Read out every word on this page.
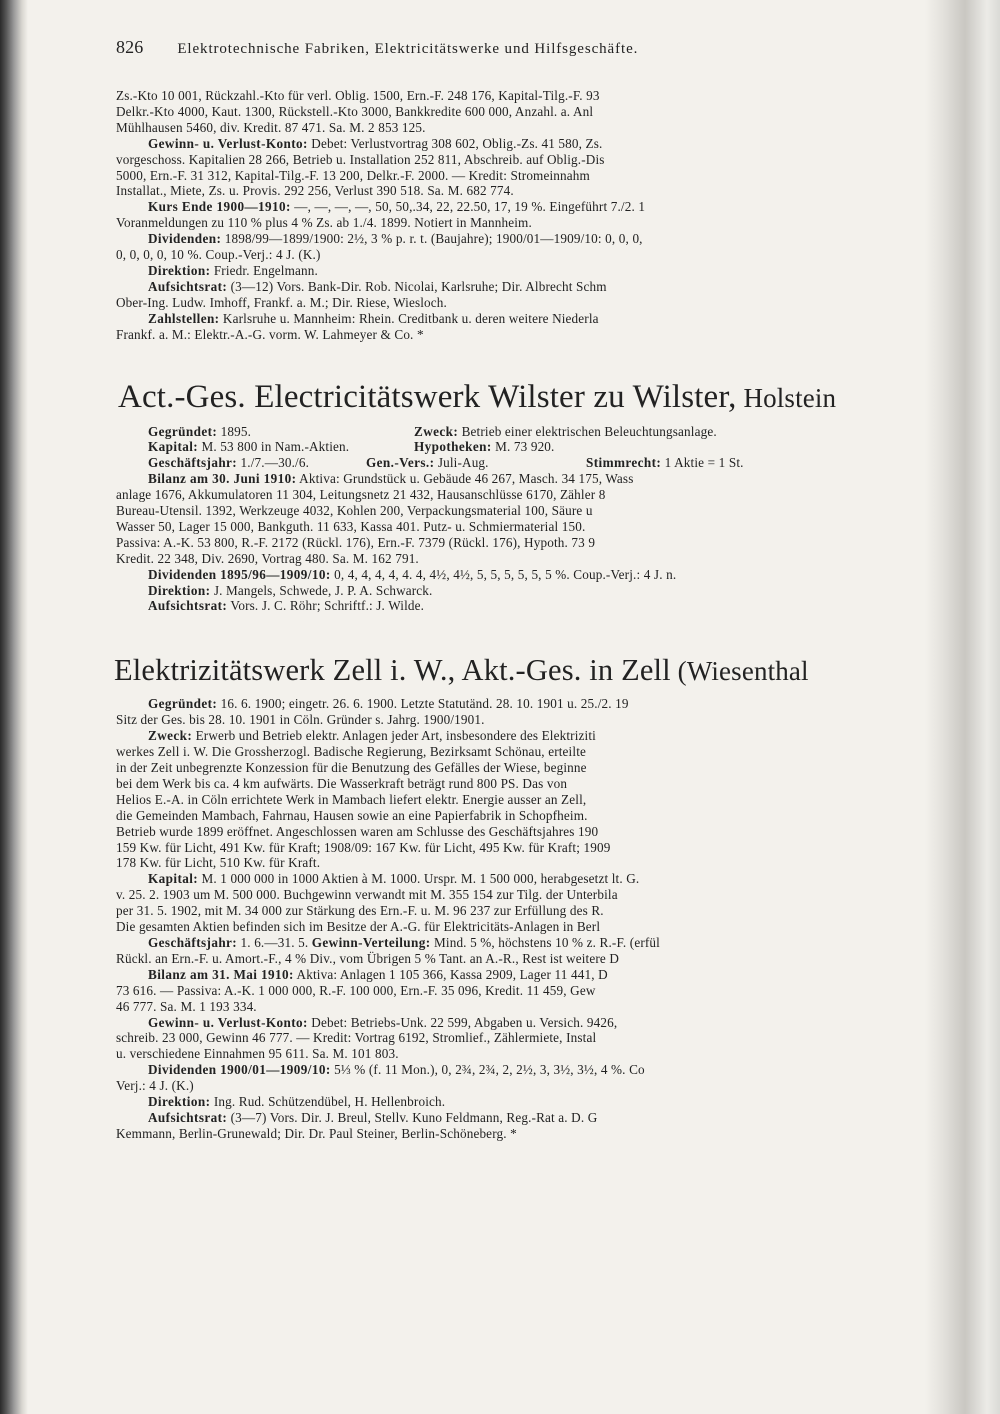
826 Elektrotechnische Fabriken, Elektricitätswerke und Hilfsgeschäfte.

Zs.-Kto 10 001, Rückzahl.-Kto für verl. Oblig. 1500, Ern.-F. 248 176, Kapital-Tilg.-F. 93

Delkr.-Kto 4000, Kaut. 1300, Rückstell.-Kto 3000, Bankkredite 600 000, Anzahl. a. Anl

Mühlhausen 5460, div. Kredit. 87 471. Sa. M. 2 853 125.

Gewinn- u. Verlust-Konto: Debet: Verlustvortrag 308 602, Oblig.-Zs. 41 580, Zs.

vorgeschoss. Kapitalien 28 266, Betrieb u. Installation 252 811, Abschreib. auf Oblig.-Dis

5000, Ern.-F. 31 312, Kapital-Tilg.-F. 13 200, Delkr.-F. 2000. — Kredit: Stromeinnahm

Installat., Miete, Zs. u. Provis. 292 256, Verlust 390 518. Sa. M. 682 774.

Kurs Ende 1900—1910: —, —, —, —, 50, 50,.34, 22, 22.50, 17, 19 %. Eingeführt 7./2. 1

Voranmeldungen zu 110 % plus 4 % Zs. ab 1./4. 1899. Notiert in Mannheim.

Dividenden: 1898/99—1899/1900: 2½, 3 % p. r. t. (Baujahre); 1900/01—1909/10: 0, 0, 0,

0, 0, 0, 0, 10 %. Coup.-Verj.: 4 J. (K.)

Direktion: Friedr. Engelmann.

Aufsichtsrat: (3—12) Vors. Bank-Dir. Rob. Nicolai, Karlsruhe; Dir. Albrecht Schm

Ober-Ing. Ludw. Imhoff, Frankf. a. M.; Dir. Riese, Wiesloch.

Zahlstellen: Karlsruhe u. Mannheim: Rhein. Creditbank u. deren weitere Niederla

Frankf. a. M.: Elektr.-A.-G. vorm. W. Lahmeyer & Co. *

Act.-Ges. Electricitätswerk Wilster zu Wilster, Holstein

Gegründet: 1895.	Zweck: Betrieb einer elektrischen Beleuchtungsanlage.

Kapital: M. 53 800 in Nam.-Aktien.	Hypotheken: M. 73 920.

Geschäftsjahr: 1./7.—30./6.	Gen.-Vers.: Juli-Aug.	Stimmrecht: 1 Aktie = 1 St.

Bilanz am 30. Juni 1910: Aktiva: Grundstück u. Gebäude 46 267, Masch. 34 175, Wass

anlage 1676, Akkumulatoren 11 304, Leitungsnetz 21 432, Hausanschlüsse 6170, Zähler 8

Bureau-Utensil. 1392, Werkzeuge 4032, Kohlen 200, Verpackungsmaterial 100, Säure u

Wasser 50, Lager 15 000, Bankguth. 11 633, Kassa 401. Putz- u. Schmiermaterial 150.

Passiva: A.-K. 53 800, R.-F. 2172 (Rückl. 176), Ern.-F. 7379 (Rückl. 176), Hypoth. 73 9

Kredit. 22 348, Div. 2690, Vortrag 480. Sa. M. 162 791.

Dividenden 1895/96—1909/10: 0, 4, 4, 4, 4, 4. 4, 4½, 4½, 5, 5, 5, 5, 5, 5 %. Coup.-Verj.: 4 J. n.

Direktion: J. Mangels, Schwede, J. P. A. Schwarck.

Aufsichtsrat: Vors. J. C. Röhr; Schriftf.: J. Wilde.

Elektrizitätswerk Zell i. W., Akt.-Ges. in Zell (Wiesenthal

Gegründet: 16. 6. 1900; eingetr. 26. 6. 1900. Letzte Statutänd. 28. 10. 1901 u. 25./2. 19

Sitz der Ges. bis 28. 10. 1901 in Cöln. Gründer s. Jahrg. 1900/1901.

Zweck: Erwerb und Betrieb elektr. Anlagen jeder Art, insbesondere des Elektriziti

werkes Zell i. W. Die Grossherzogl. Badische Regierung, Bezirksamt Schönau, erteilte

in der Zeit unbegrenzte Konzession für die Benutzung des Gefälles der Wiese, beginne

bei dem Werk bis ca. 4 km aufwärts. Die Wasserkraft beträgt rund 800 PS. Das von

Helios E.-A. in Cöln errichtete Werk in Mambach liefert elektr. Energie ausser an Zell,

die Gemeinden Mambach, Fahrnau, Hausen sowie an eine Papierfabrik in Schopfheim.

Betrieb wurde 1899 eröffnet. Angeschlossen waren am Schlusse des Geschäftsjahres 190

159 Kw. für Licht, 491 Kw. für Kraft; 1908/09: 167 Kw. für Licht, 495 Kw. für Kraft; 1909

178 Kw. für Licht, 510 Kw. für Kraft.

Kapital: M. 1 000 000 in 1000 Aktien à M. 1000. Urspr. M. 1 500 000, herabgesetzt lt. G.

v. 25. 2. 1903 um M. 500 000. Buchgewinn verwandt mit M. 355 154 zur Tilg. der Unterbila

per 31. 5. 1902, mit M. 34 000 zur Stärkung des Ern.-F. u. M. 96 237 zur Erfüllung des R.

Die gesamten Aktien befinden sich im Besitze der A.-G. für Elektricitäts-Anlagen in Berl

Geschäftsjahr: 1. 6.—31. 5. Gewinn-Verteilung: Mind. 5 %, höchstens 10 % z. R.-F. (erfül

Rückl. an Ern.-F. u. Amort.-F., 4 % Div., vom Übrigen 5 % Tant. an A.-R., Rest ist weitere D

Bilanz am 31. Mai 1910: Aktiva: Anlagen 1 105 366, Kassa 2909, Lager 11 441, D

73 616. — Passiva: A.-K. 1 000 000, R.-F. 100 000, Ern.-F. 35 096, Kredit. 11 459, Gew

46 777. Sa. M. 1 193 334.

Gewinn- u. Verlust-Konto: Debet: Betriebs-Unk. 22 599, Abgaben u. Versich. 9426,

schreib. 23 000, Gewinn 46 777. — Kredit: Vortrag 6192, Stromlief., Zählermiete, Instal

u. verschiedene Einnahmen 95 611. Sa. M. 101 803.

Dividenden 1900/01—1909/10: 5⅓ % (f. 11 Mon.), 0, 2¾, 2¾, 2, 2½, 3, 3½, 3½, 4 %. Co

Verj.: 4 J. (K.)

Direktion: Ing. Rud. Schützendübel, H. Hellenbroich.

Aufsichtsrat: (3—7) Vors. Dir. J. Breul, Stellv. Kuno Feldmann, Reg.-Rat a. D. G

Kemmann, Berlin-Grunewald; Dir. Dr. Paul Steiner, Berlin-Schöneberg. *
